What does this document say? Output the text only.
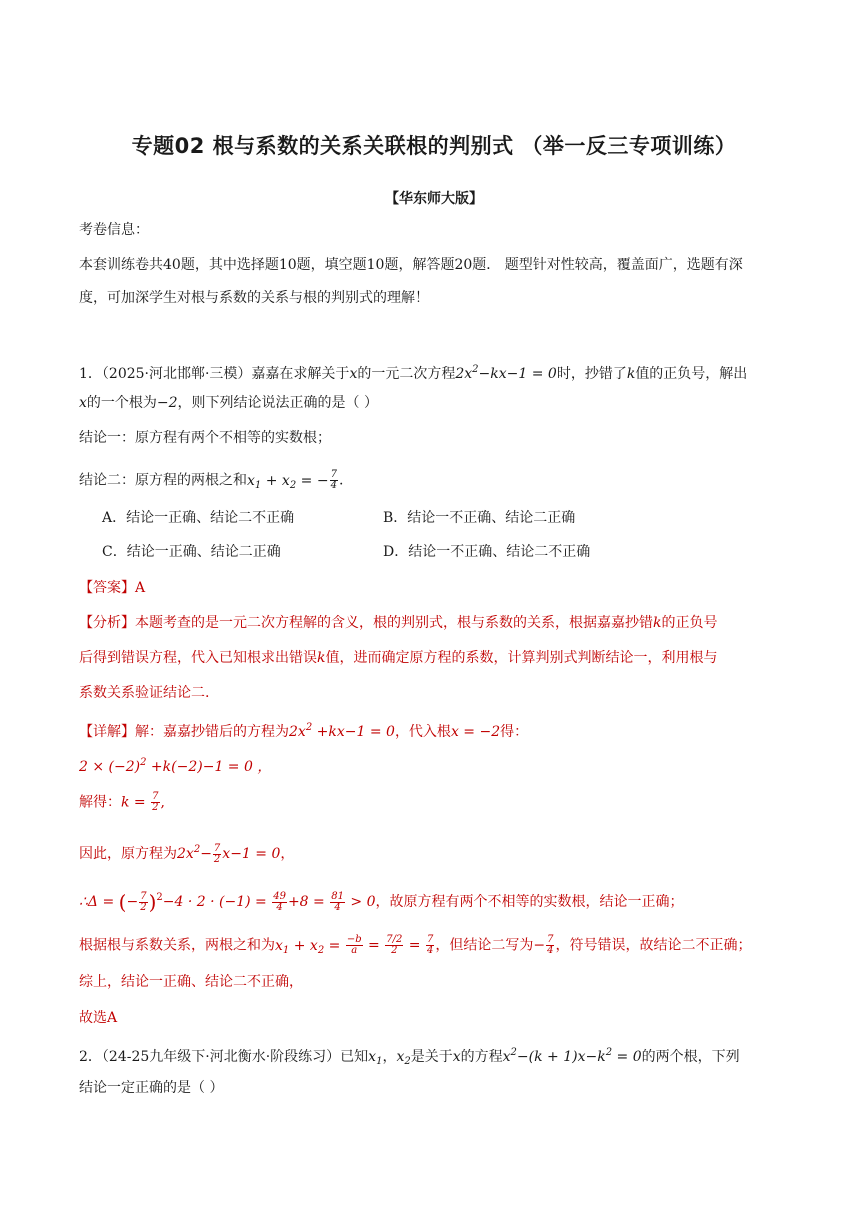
专题02 根与系数的关系关联根的判别式 （举一反三专项训练）
【华东师大版】
考卷信息：
本套训练卷共40题，其中选择题10题，填空题10题，解答题20题． 题型针对性较高，覆盖面广，选题有深
度，可加深学生对根与系数的关系与根的判别式的理解！
1．（2025·河北邯郸·三模）嘉嘉在求解关于x的一元二次方程$2x^2-kx-1 = 0$时，抄错了k值的正负号，解出
x的一个根为−2，则下列结论说法正确的是（ ）
结论一：原方程有两个不相等的实数根；
结论二：原方程的两根之和$x_1 + x_2$ = − $\frac{7}{4}$ .
A．结论一正确、结论二不正确	B．结论一不正确、结论二正确
C．结论一正确、结论二正确	D．结论一不正确、结论二不正确
【答案】A
【分析】本题考查的是一元二次方程解的含义，根的判别式，根与系数的关系，根据嘉嘉抄错k的正负号
后得到错误方程，代入已知根求出错误k值，进而确定原方程的系数，计算判别式判断结论一，利用根与
系数关系验证结论二.
【详解】解：嘉嘉抄错后的方程为$2x^2 +kx-1 = 0$，代入根x = −2得：
$2 \times (-2)^2 +k(-2)-1 = 0$ ，
解得：$k = \frac{7}{2}$ ,
因此，原方程为$2x^2- \frac{7}{2} x-1 = 0$，
∴Δ = (− $\frac{7}{2} )^2-4 \cdot 2 \cdot (-1) = \frac{49}{4} +8 = \frac{81}{4} > 0$，故原方程有两个不相等的实数根，结论一正确；
根据根与系数关系，两根之和为$x_1 + x_2 = \frac{-b}{a} = \frac{7/2}{2} = \frac{7}{4}$ ，但结论二写为− $\frac{7}{4}$ ，符号错误，故结论二不正确；
综上，结论一正确、结论二不正确，
故选A
2．（24-25九年级下·河北衡水·阶段练习）已知$x_1$，$x_2$是关于x的方程$x^2-(k + 1)x-k^2 = 0$的两个根，下列
结论一定正确的是（ ）
